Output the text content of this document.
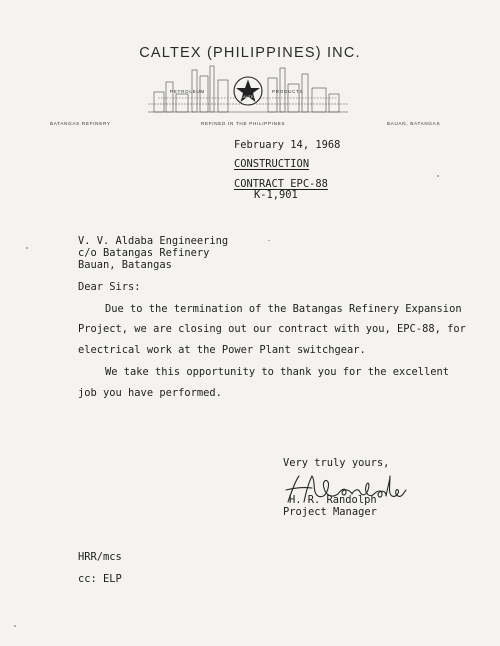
CALTEX (PHILIPPINES) INC.
PETROLEUM
CALTEX
PRODUCTS
BATANGAS REFINERY	REFINED IN THE PHILIPPINES	BAUAN, BATANGAS
February 14, 1968
CONSTRUCTION
CONTRACT EPC-88
K-1,901
V. V. Aldaba Engineering
c/o Batangas Refinery
Bauan, Batangas
Dear Sirs:
Due to the termination of the Batangas Refinery Expansion
Project, we are closing out our contract with you, EPC-88, for
electrical work at the Power Plant switchgear.
We take this opportunity to thank you for the excellent
job you have performed.
Very truly yours,
H. R. Randolph
Project Manager
HRR/mcs
cc: ELP
